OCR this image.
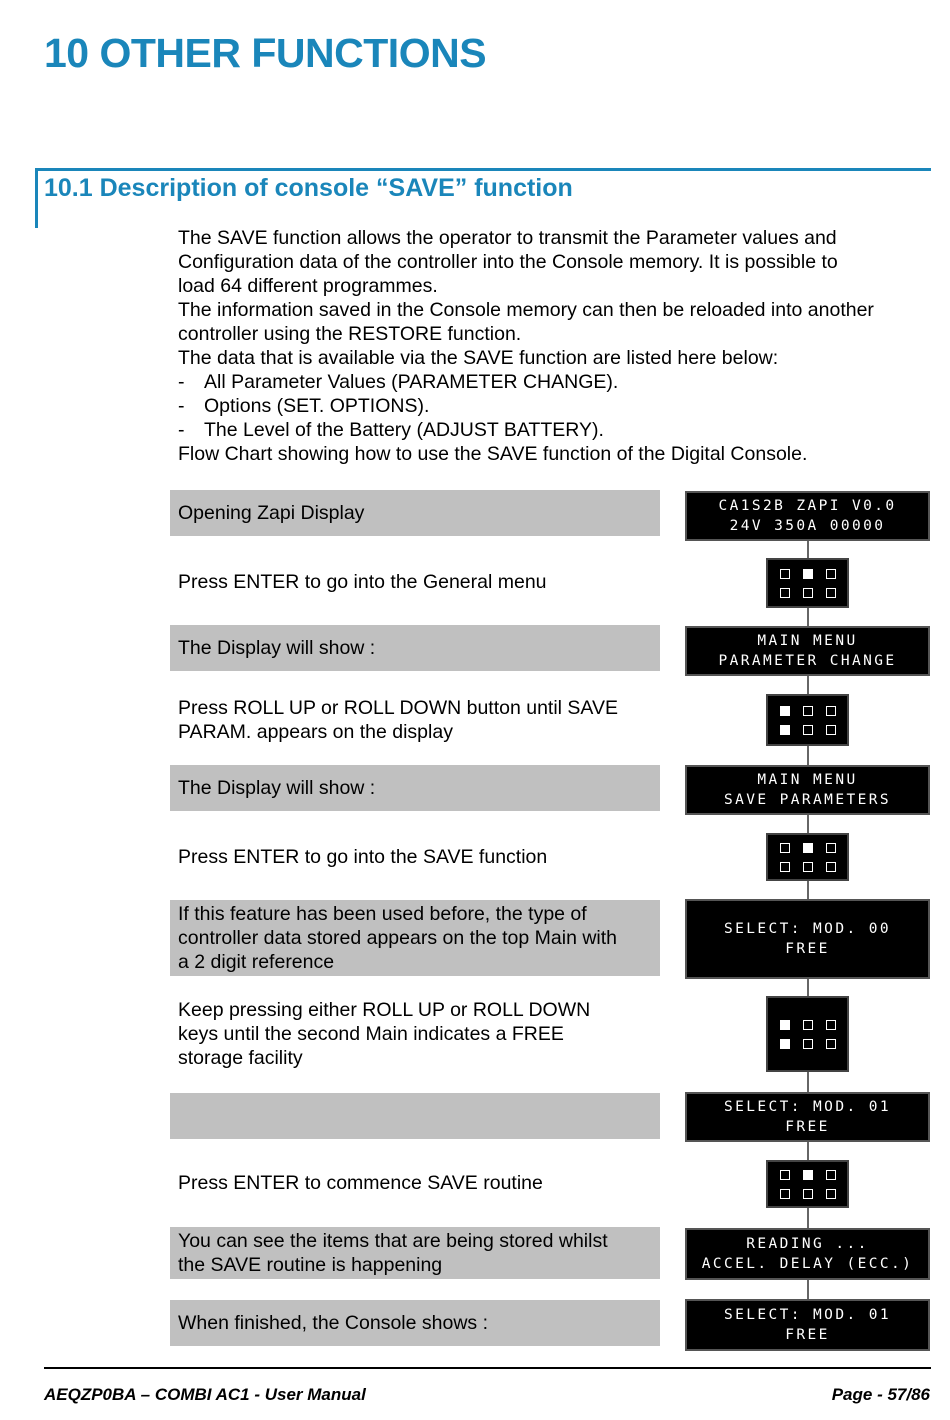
10 OTHER FUNCTIONS
10.1 Description of console “SAVE” function
The SAVE function allows the operator to transmit the Parameter values and
Configuration data of the controller into the Console memory. It is possible to
load 64 different programmes.
The information saved in the Console memory can then be reloaded into another
controller using the RESTORE function.
The data that is available via the SAVE function are listed here below:
-	All Parameter Values (PARAMETER CHANGE).
-	Options (SET. OPTIONS).
-	The Level of the Battery (ADJUST BATTERY).
Flow Chart showing how to use the SAVE function of the Digital Console.
Opening Zapi Display
Press ENTER to go into the General menu
The Display will show :
Press ROLL UP or ROLL DOWN button until SAVE
PARAM. appears on the display
The Display will show :
Press ENTER to go into the SAVE function
If this feature has been used before, the type of
controller data stored appears on the top Main with
a 2 digit reference
Keep pressing either ROLL UP or ROLL DOWN
keys until the second Main indicates a FREE
storage facility
Press ENTER to commence SAVE routine
You can see the items that are being stored whilst
the SAVE routine is happening
When finished, the Console shows :
CA1S2B ZAPI V0.0
24V 350A 00000
MAIN MENU
PARAMETER CHANGE
MAIN MENU
SAVE PARAMETERS
SELECT: MOD. 00
FREE
SELECT: MOD. 01
FREE
READING ...
ACCEL. DELAY (ECC.)
SELECT: MOD. 01
FREE
AEQZP0BA – COMBI AC1 - User Manual	Page - 57/86
